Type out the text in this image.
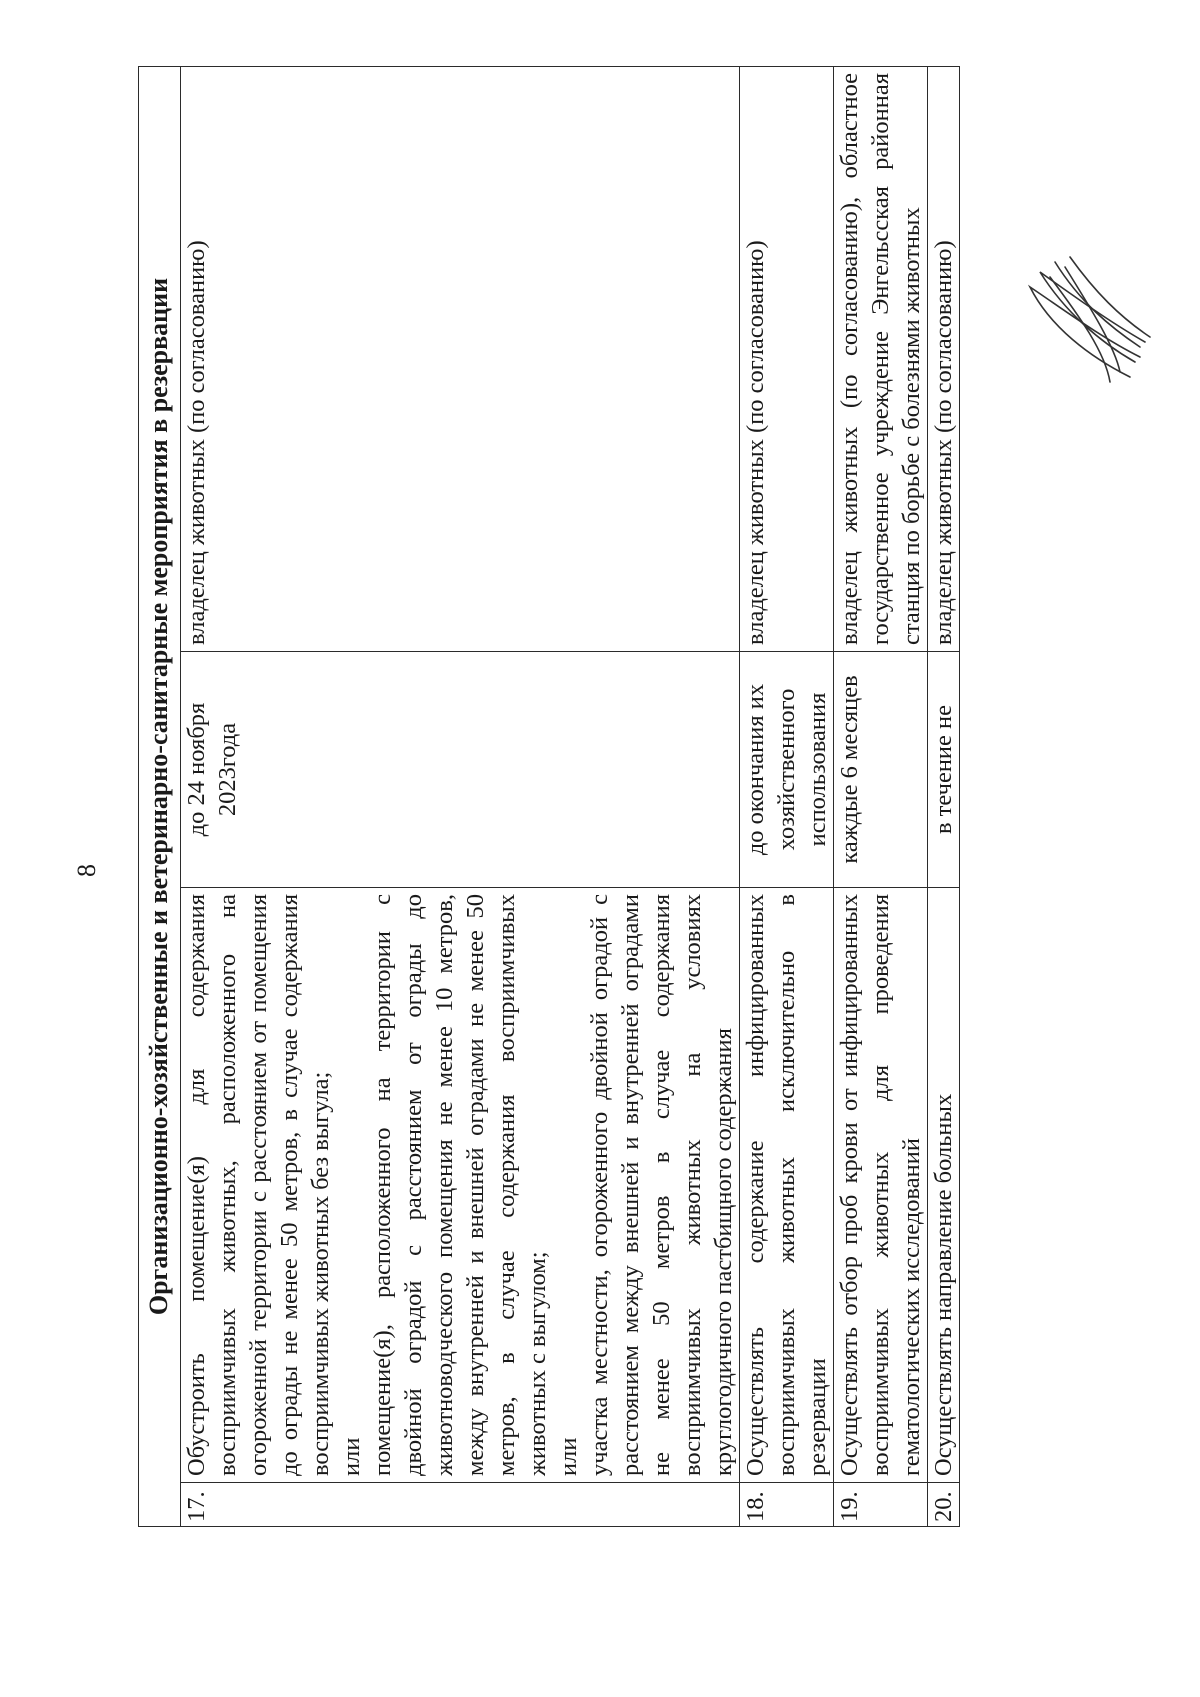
8 Организационно-хозяйственные и ветеринарно-санитарные мероприятия в резервации			
17.	Обустроить помещение(я) для содержания восприимчивых животных, расположенного на огороженной территории с расстоянием от помещения до ограды не менее 50 метров, в случае содержания восприимчивых животных без выгула; или помещение(я), расположенного на территории с двойной оградой с расстоянием от ограды до животноводческого помещения не менее 10 метров, между внутренней и внешней оградами не менее 50 метров, в случае содержания восприимчивых животных с выгулом; или участка местности, огороженного двойной оградой с расстоянием между внешней и внутренней оградами не менее 50 метров в случае содержания восприимчивых животных на условиях круглогодичного пастбищного содержания	до 24 ноября 2023года	владелец животных (по согласованию)
18.	Осуществлять содержание инфицированных восприимчивых животных исключительно в резервации	до окончания их хозяйственного использования	владелец животных (по согласованию)
19.	Осуществлять отбор проб крови от инфицированных восприимчивых животных для проведения гематологических исследований	каждые 6 месяцев	владелец животных (по согласованию), областное государственное учреждение Энгельсская районная станция по борьбе с болезнями животных
20.	Осуществлять направление больных	в течение не	владелец животных (по согласованию)
